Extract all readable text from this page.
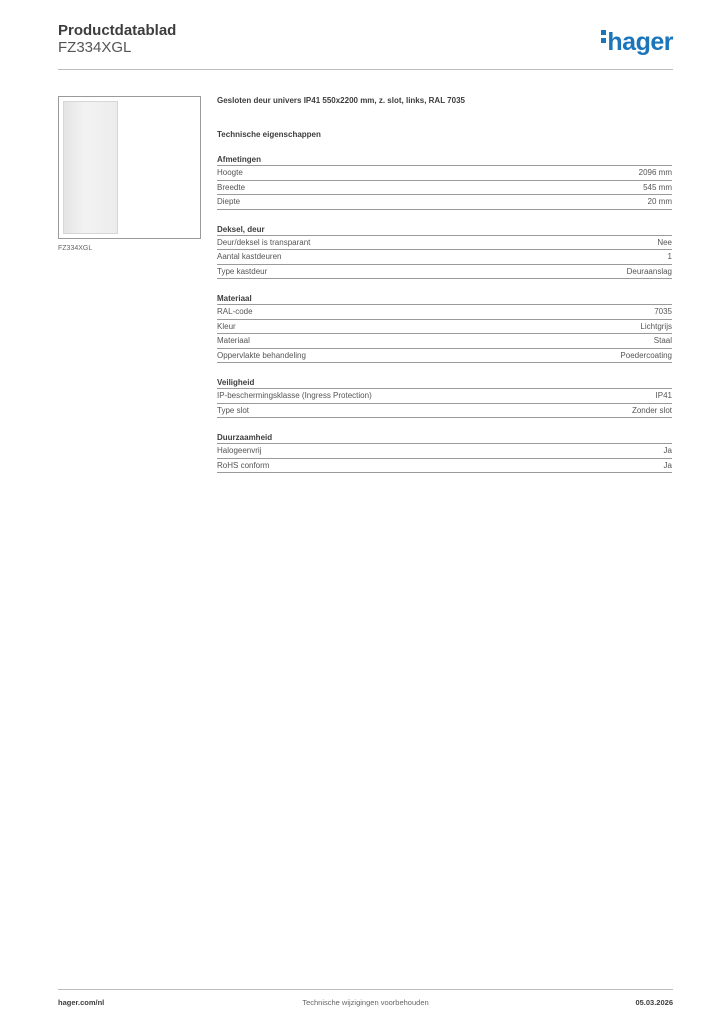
Productdatablad
FZ334XGL	hager
FZ334XGL
Gesloten deur univers IP41 550x2200 mm, z. slot, links, RAL 7035
Technische eigenschappen
Afmetingen
Hoogte	2096 mm
Breedte	545 mm
Diepte	20 mm
Deksel, deur
Deur/deksel is transparant	Nee
Aantal kastdeuren	1
Type kastdeur	Deuraanslag
Materiaal
RAL-code	7035
Kleur	Lichtgrijs
Materiaal	Staal
Oppervlakte behandeling	Poedercoating
Veiligheid
IP-beschermingsklasse (Ingress Protection)	IP41
Type slot	Zonder slot
Duurzaamheid
Halogeenvrij	Ja
RoHS conform	Ja
hager.com/nl	Technische wijzigingen voorbehouden	05.03.2026
